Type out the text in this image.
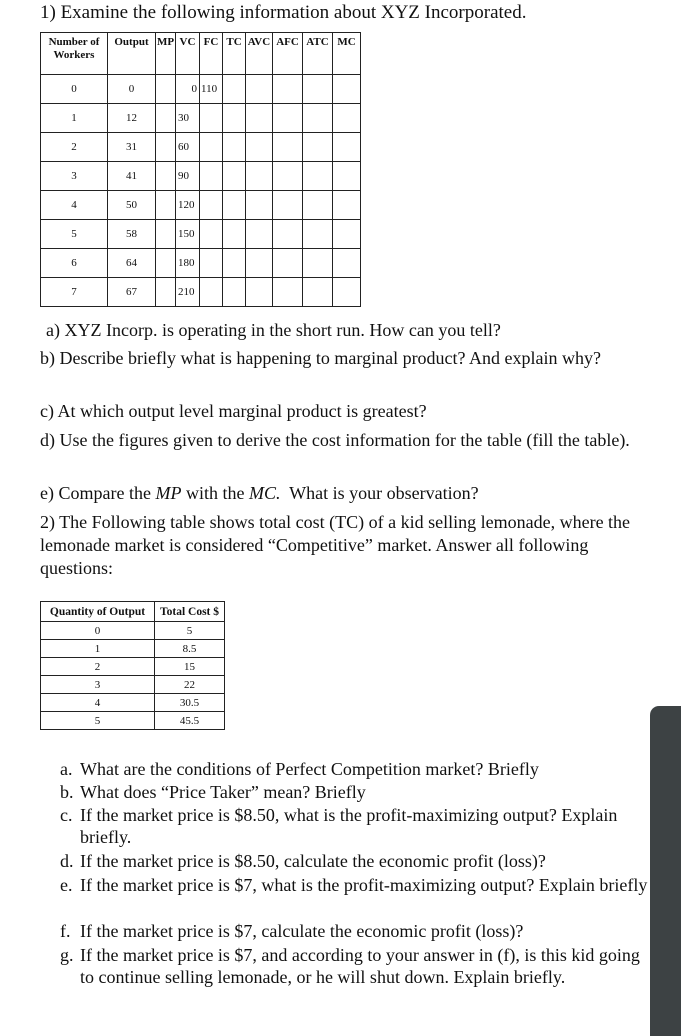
1) Examine the following information about XYZ Incorporated.
Number of Workers	Output	MP	VC	FC	TC	AVC	AFC	ATC	MC
0	0		0	110					
1	12		30						
2	31		60						
3	41		90						
4	50		120						
5	58		150						
6	64		180						
7	67		210						
a) XYZ Incorp. is operating in the short run. How can you tell?
b) Describe briefly what is happening to marginal product? And explain why?
c) At which output level marginal product is greatest?
d) Use the figures given to derive the cost information for the table (fill the table).
e) Compare the MP with the MC.  What is your observation?
2) The Following table shows total cost (TC) of a kid selling lemonade, where the lemonade market is considered “Competitive” market. Answer all following questions:
Quantity of Output	Total Cost $
0	5
1	8.5
2	15
3	22
4	30.5
5	45.5
a. What are the conditions of Perfect Competition market? Briefly
b. What does “Price Taker” mean? Briefly
c. If the market price is $8.50, what is the profit-maximizing output? Explain briefly.
d. If the market price is $8.50, calculate the economic profit (loss)?
e. If the market price is $7, what is the profit-maximizing output? Explain briefly
f. If the market price is $7, calculate the economic profit (loss)?
g. If the market price is $7, and according to your answer in (f), is this kid going to continue selling lemonade, or he will shut down. Explain briefly.
